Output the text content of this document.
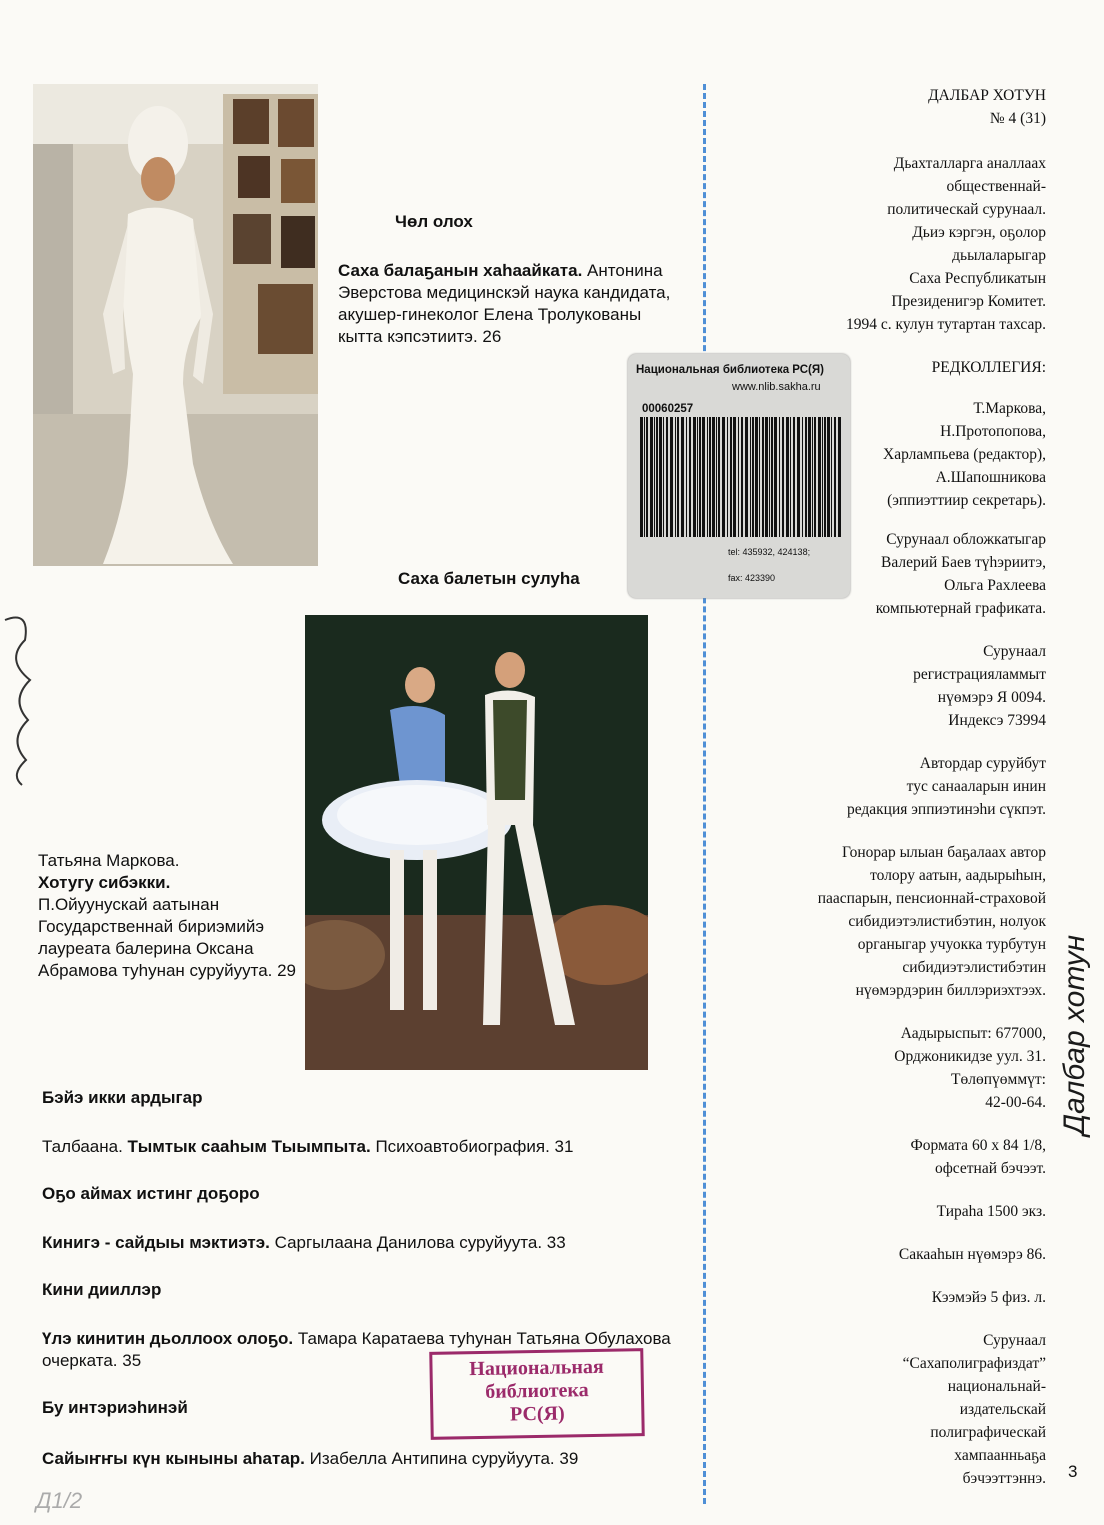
Чөл олох
Саха балаҕанын хаһаайката. Антонина Эверстова медицинскэй наука кандидата, акушер-гинеколог Елена Тролукованы кытта кэпсэтиитэ. 26
Саха балетын сулуһа
Татьяна Маркова.
Хотугу сибэкки.
П.Ойуунускай аатынан Государственнай бириэмийэ лауреата балерина Оксана Абрамова туһунан суруйуута. 29
Бэйэ икки ардыгар
Талбаана. Тымтык сааһым Тыымпыта. Психоавтобиография. 31
Оҕо аймах истинг доҕоро
Кинигэ - сайдыы мэктиэтэ. Саргылаана Данилова суруйуута. 33
Кини дииллэр
Үлэ кинитин дьоллоох олоҕо. Тамара Каратаева туһунан Татьяна Обулахова очерката. 35
Бу интэриэһинэй
Сайыҥҥы күн кыныны аhатар. Изабелла Антипина суруйуута. 39
ДАЛБАР ХОТУН
№ 4 (31)
Дьахталларга аналлаах
общественнай-
политическай сурунаал.
Дьиэ кэргэн, оҕолор
дьылаларыгар
Саха Республикатын
Президенигэр Комитет.
1994 с. кулун тутартан тахсар.
РЕДКОЛЛЕГИЯ:
Т.Маркова,
Н.Протопопова,
Харлампьева (редактор),
А.Шапошникова
(эппиэттиир секретарь).
Сурунаал обложкатыгар
Валерий Баев түһэриитэ,
Ольга Рахлеева
компьютернай графиката.
Сурунаал
регистрацияламмыт
нүөмэрэ Я 0094.
Индексэ 73994
Автордар суруйбут
тус санааларын инин
редакция эппиэтинэһи сүкпэт.
Гонорар ылыан баҕалаах автор
толору аатын, аадырыһын,
пааспарын, пенсионнай-страховой
сибидиэтэлистибэтин, нолуок
органыгар учуокка турбутун
сибидиэтэлистибэтин
нүөмэрдэрин биллэриэхтээх.
Аадырыспыт: 677000,
Орджоникидзе уул. 31.
Төлөпүөммүт:
42-00-64.
Формата 60 х 84 1/8,
офсетнай бэчээт.
Тираһа 1500 экз.
Сакааһын нүөмэрэ 86.
Кээмэйэ 5 физ. л.
Сурунаал
“Сахаполиграфиздат”
национальнай-
издательскай
полиграфическай
хампаанньаҕа
бэчээттэннэ.
Национальная библиотека РС(Я)
www.nlib.sakha.ru
00060257
tel: 435932, 424138;
fax: 423390
Национальная
библиотека
РС(Я)
Далбар хотун
3
Д1/2
